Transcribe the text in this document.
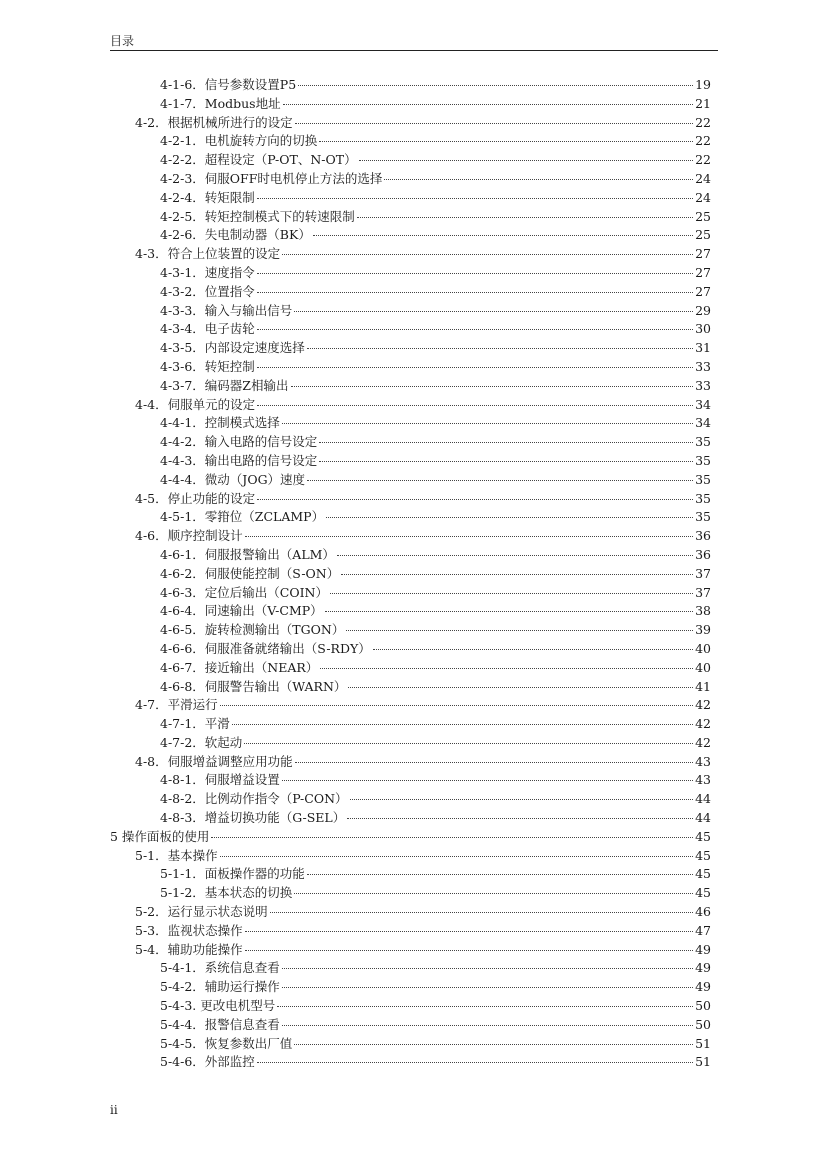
目录
4-1-6．信号参数设置P5	19
4-1-7．Modbus地址	21
4-2．根据机械所进行的设定	22
4-2-1．电机旋转方向的切换	22
4-2-2．超程设定（P-OT、N-OT）	22
4-2-3．伺服OFF时电机停止方法的选择	24
4-2-4．转矩限制	24
4-2-5．转矩控制模式下的转速限制	25
4-2-6．失电制动器（BK）	25
4-3．符合上位装置的设定	27
4-3-1．速度指令	27
4-3-2．位置指令	27
4-3-3．输入与输出信号	29
4-3-4．电子齿轮	30
4-3-5．内部设定速度选择	31
4-3-6．转矩控制	33
4-3-7．编码器Z相输出	33
4-4．伺服单元的设定	34
4-4-1．控制模式选择	34
4-4-2．输入电路的信号设定	35
4-4-3．输出电路的信号设定	35
4-4-4．微动（JOG）速度	35
4-5．停止功能的设定	35
4-5-1．零箝位（ZCLAMP）	35
4-6．顺序控制设计	36
4-6-1．伺服报警输出（ALM）	36
4-6-2．伺服使能控制（S-ON）	37
4-6-3．定位后输出（COIN）	37
4-6-4．同速输出（V-CMP）	38
4-6-5．旋转检测输出（TGON）	39
4-6-6．伺服准备就绪输出（S-RDY）	40
4-6-7．接近输出（NEAR）	40
4-6-8．伺服警告输出（WARN）	41
4-7．平滑运行	42
4-7-1．平滑	42
4-7-2．软起动	42
4-8．伺服增益调整应用功能	43
4-8-1．伺服增益设置	43
4-8-2．比例动作指令（P-CON）	44
4-8-3．增益切换功能（G-SEL）	44
5 操作面板的使用	45
5-1．基本操作	45
5-1-1．面板操作器的功能	45
5-1-2．基本状态的切换	45
5-2．运行显示状态说明	46
5-3．监视状态操作	47
5-4．辅助功能操作	49
5-4-1．系统信息查看	49
5-4-2．辅助运行操作	49
5-4-3. 更改电机型号	50
5-4-4．报警信息查看	50
5-4-5．恢复参数出厂值	51
5-4-6．外部监控	51
ii
